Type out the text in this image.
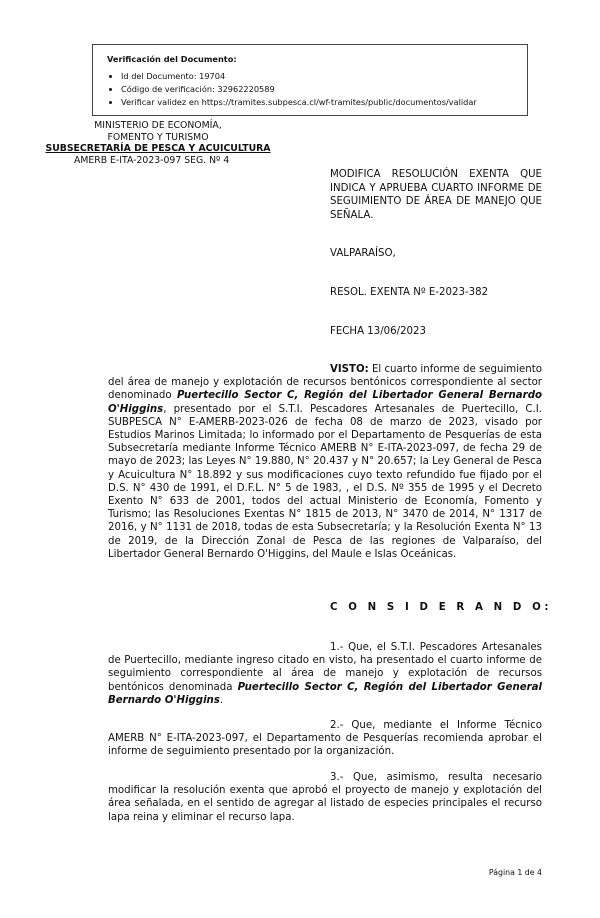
Verificación del Documento:
• Id del Documento: 19704
• Código de verificación: 32962220589
• Verificar validez en https://tramites.subpesca.cl/wf-tramites/public/documentos/validar
MINISTERIO DE ECONOMÍA,
FOMENTO Y TURISMO
SUBSECRETARÍA DE PESCA Y ACUICULTURA
AMERB E-ITA-2023-097 SEG. Nº 4
MODIFICA RESOLUCIÓN EXENTA QUE INDICA Y APRUEBA CUARTO INFORME DE SEGUIMIENTO DE ÁREA DE MANEJO QUE SEÑALA.
VALPARAÍSO,
RESOL. EXENTA Nº E-2023-382
FECHA 13/06/2023
VISTO: El cuarto informe de seguimiento del área de manejo y explotación de recursos bentónicos correspondiente al sector denominado Puertecillo Sector C, Región del Libertador General Bernardo O'Higgins, presentado por el S.T.I. Pescadores Artesanales de Puertecillo, C.I. SUBPESCA N° E-AMERB-2023-026 de fecha 08 de marzo de 2023, visado por Estudios Marinos Limitada; lo informado por el Departamento de Pesquerías de esta Subsecretaría mediante Informe Técnico AMERB N° E-ITA-2023-097, de fecha 29 de mayo de 2023; las Leyes N° 19.880, N° 20.437 y N° 20.657; la Ley General de Pesca y Acuicultura N° 18.892 y sus modificaciones cuyo texto refundido fue fijado por el D.S. N° 430 de 1991, el D.F.L. N° 5 de 1983, , el D.S. Nº 355 de 1995 y el Decreto Exento N° 633 de 2001, todos del actual Ministerio de Economía, Fomento y Turismo; las Resoluciones Exentas N° 1815 de 2013, N° 3470 de 2014, N° 1317 de 2016, y N° 1131 de 2018, todas de esta Subsecretaría; y la Resolución Exenta N° 13 de 2019, de la Dirección Zonal de Pesca de las regiones de Valparaíso, del Libertador General Bernardo O'Higgins, del Maule e Islas Oceánicas.
C O N S I D E R A N D O:
1.- Que, el S.T.I. Pescadores Artesanales de Puertecillo, mediante ingreso citado en visto, ha presentado el cuarto informe de seguimiento correspondiente al área de manejo y explotación de recursos bentónicos denominada Puertecillo Sector C, Región del Libertador General Bernardo O'Higgins.
2.- Que, mediante el Informe Técnico AMERB N° E-ITA-2023-097, el Departamento de Pesquerías recomienda aprobar el informe de seguimiento presentado por la organización.
3.- Que, asimismo, resulta necesario modificar la resolución exenta que aprobó el proyecto de manejo y explotación del área señalada, en el sentido de agregar al listado de especies principales el recurso lapa reina y eliminar el recurso lapa.
Página 1 de 4
